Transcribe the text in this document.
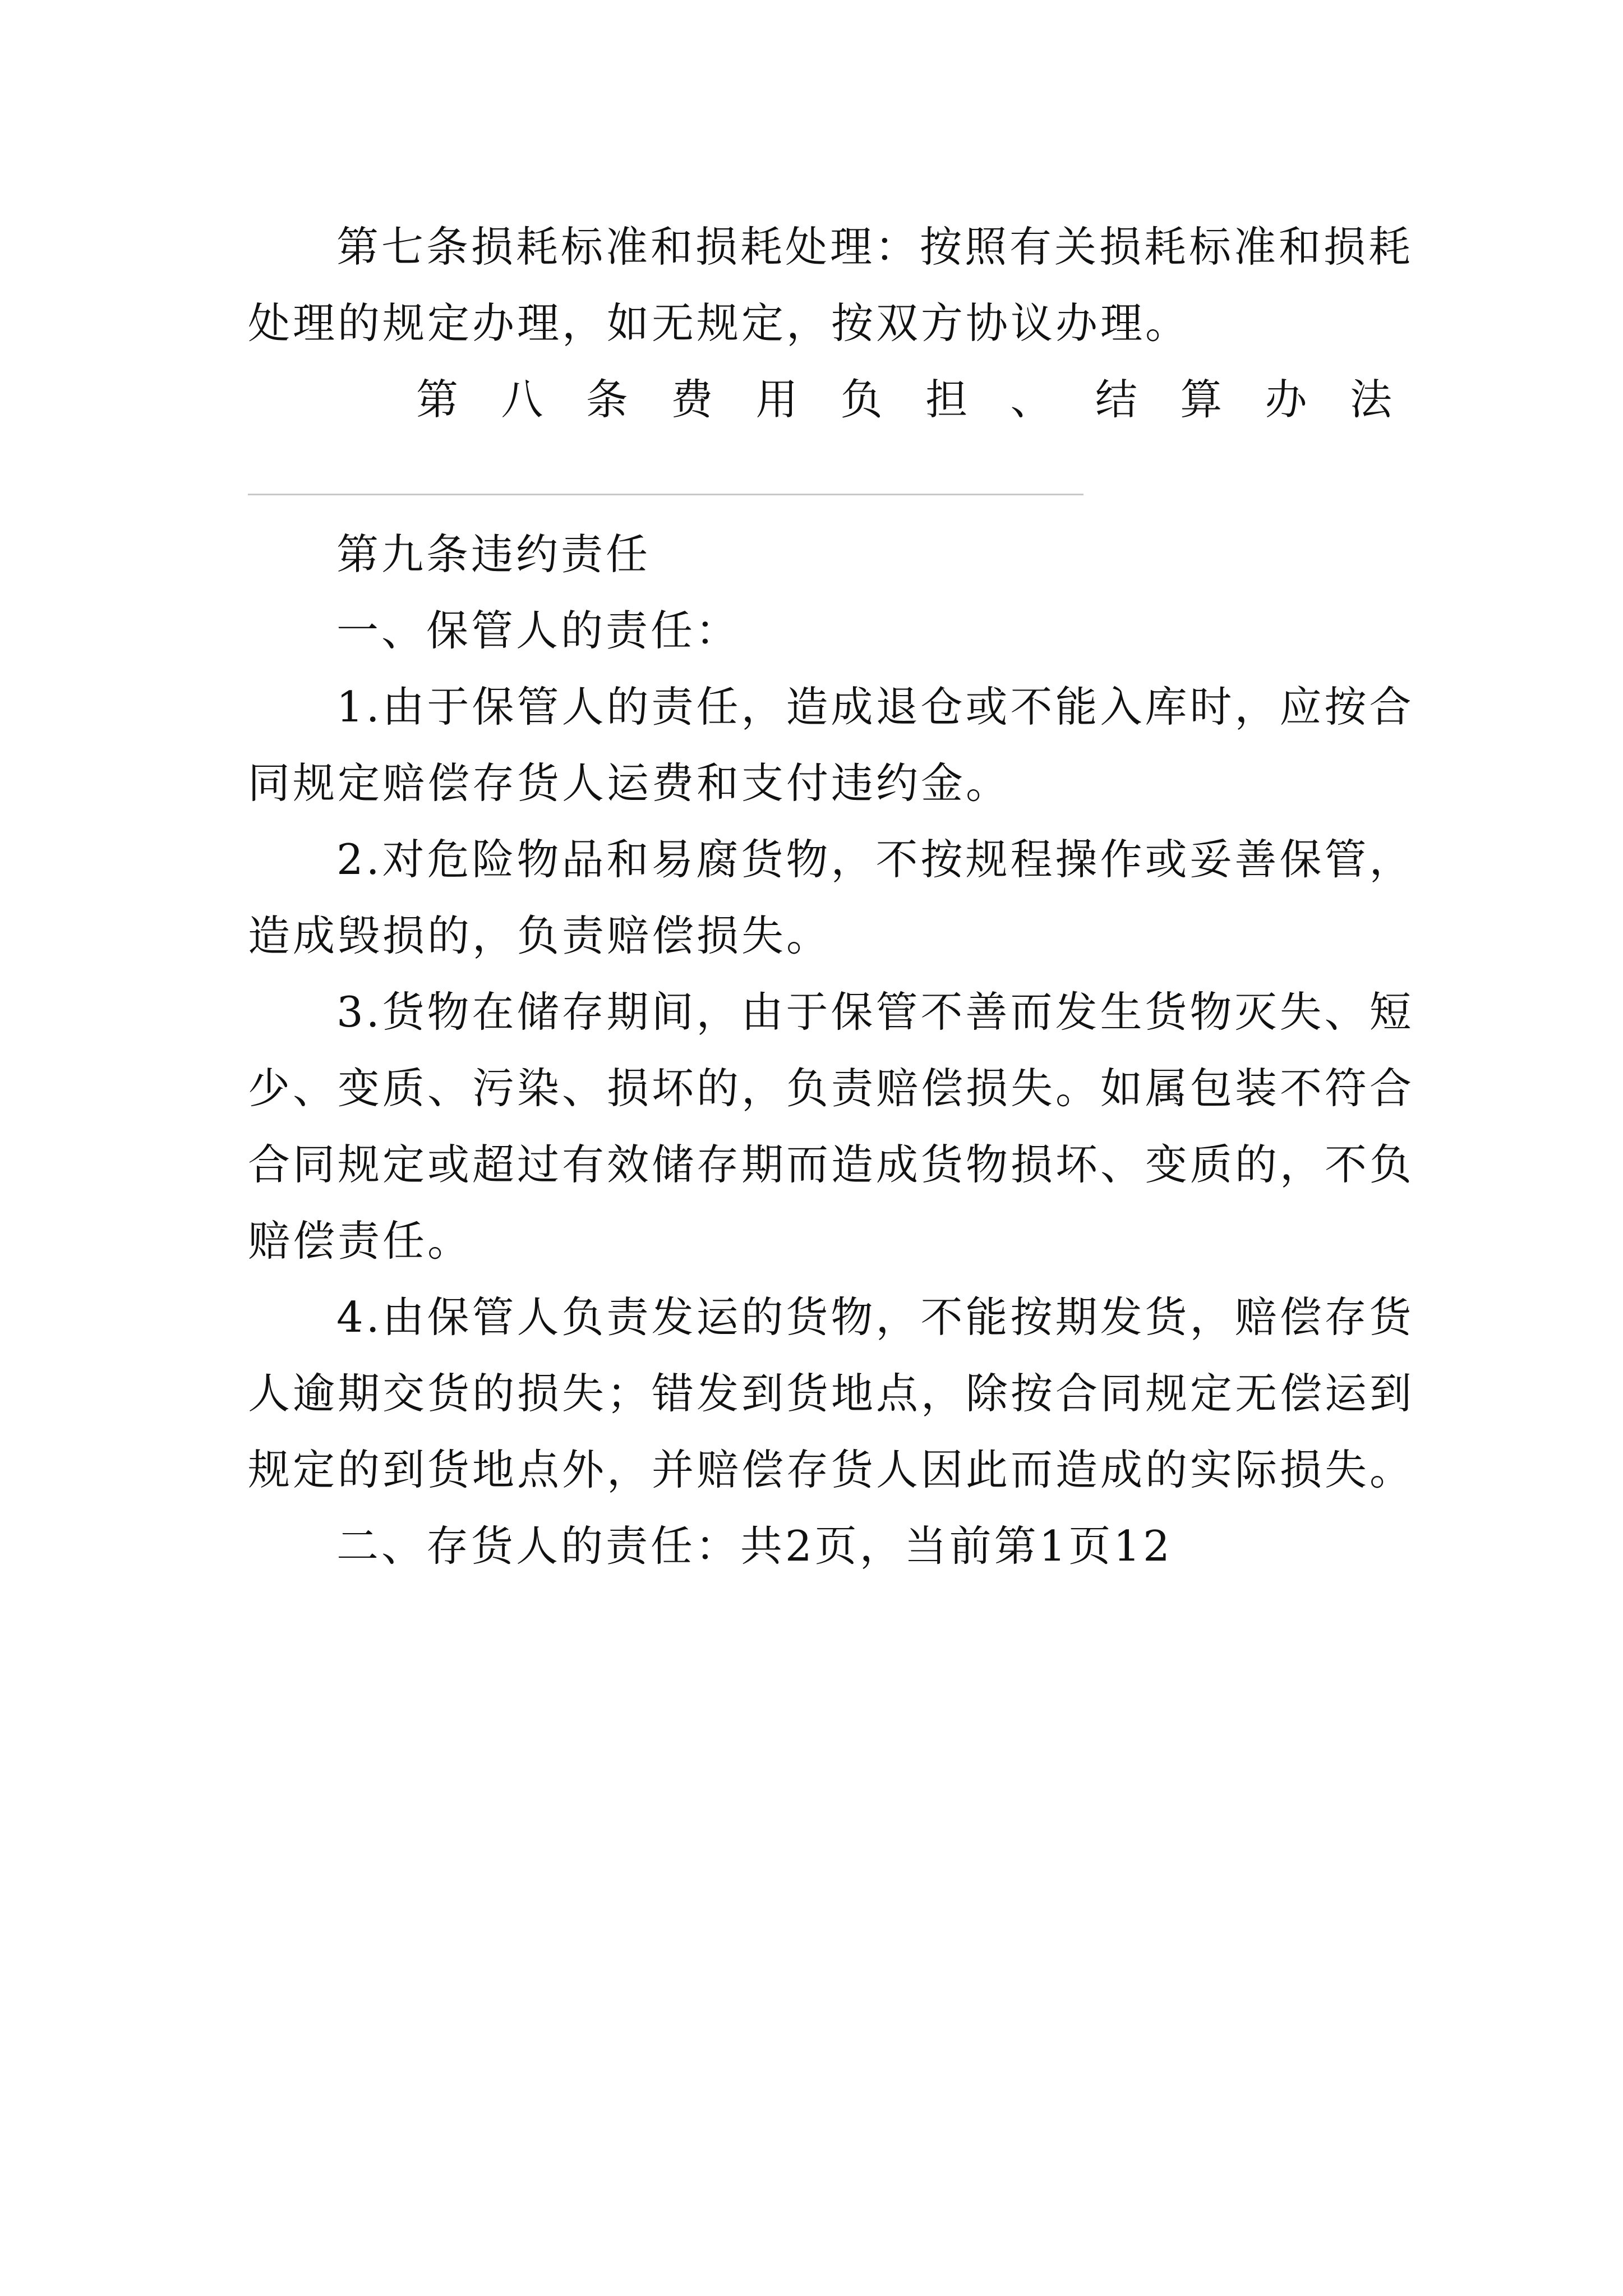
第七条损耗标准和损耗处理：按照有关损耗标准和损耗
处理的规定办理，如无规定，按双方协议办理。
第 八 条 费 用 负 担 、 结 算 办 法
第九条违约责任
一、保管人的责任：
1.由于保管人的责任，造成退仓或不能入库时，应按合
同规定赔偿存货人运费和支付违约金。
2.对危险物品和易腐货物，不按规程操作或妥善保管，
造成毁损的，负责赔偿损失。
3.货物在储存期间，由于保管不善而发生货物灭失、短
少、变质、污染、损坏的，负责赔偿损失。如属包装不符合
合同规定或超过有效储存期而造成货物损坏、变质的，不负
赔偿责任。
4.由保管人负责发运的货物，不能按期发货，赔偿存货
人逾期交货的损失；错发到货地点，除按合同规定无偿运到
规定的到货地点外，并赔偿存货人因此而造成的实际损失。
二、存货人的责任：共2页，当前第1页12
